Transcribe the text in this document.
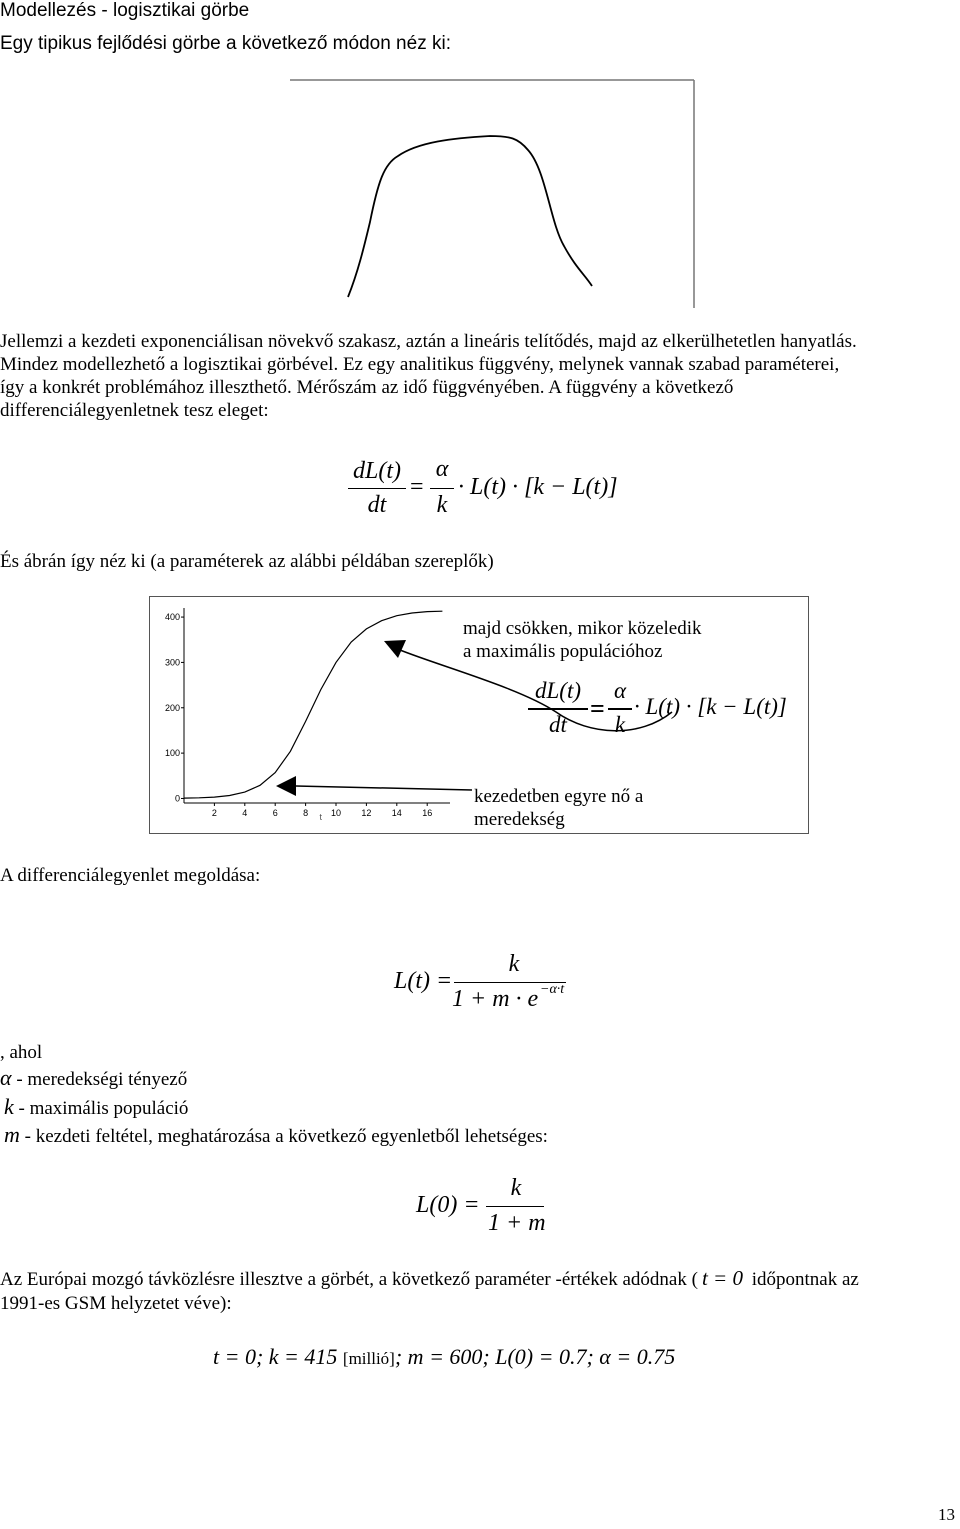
Modellezés - logisztikai görbe
Egy tipikus fejlődési görbe a következő módon néz ki:
Jellemzi a kezdeti exponenciálisan növekvő szakasz, aztán a lineáris telítődés, majd az elkerülhetetlen hanyatlás.
Mindez modellezhető a logisztikai görbével. Ez egy analitikus függvény, melynek vannak szabad paraméterei,
így a konkrét problémához illeszthető. Mérőszám az idő függvényében. A függvény a következő
differenciálegyenletnek tesz eleget:
dL(t)
dt
=
α
k
· L(t) · [k − L(t)]
És ábrán így néz ki (a paraméterek az alábbi példában szereplők)
0
100
200
300
400
2	4	6	8	10 12 14 16
t
majd csökken, mikor közeledik
a maximális populációhoz
kezedetben egyre nő a
meredekség
dL(t)
dt
=
α
k
· L(t) · [k − L(t)]
A differenciálegyenlet megoldása:
L(t) =
k
1 + m · e −α·t
, ahol
α - meredekségi tényező
k - maximális populáció
m - kezdeti feltétel, meghatározása a következő egyenletből lehetséges:
L(0) =
k
1 + m
Az Európai mozgó távközlésre illesztve a görbét, a következő paraméter -értékek adódnak ( t = 0 időpontnak az
1991-es GSM helyzetet véve):
t = 0; k = 415 [millió]; m = 600; L(0) = 0.7; α = 0.75
13
